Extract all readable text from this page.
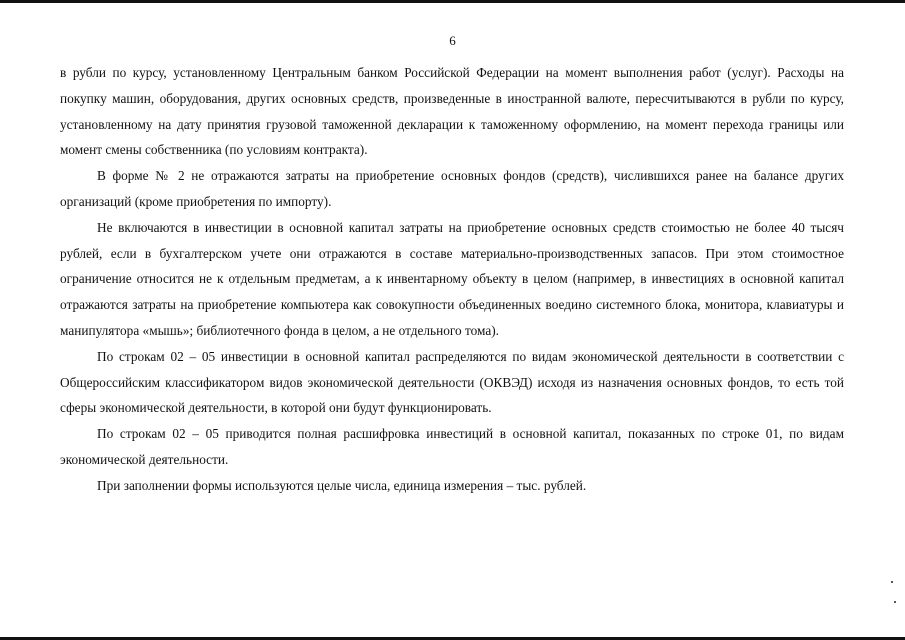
6

в рубли по курсу, установленному Центральным банком Российской Федерации на момент выполнения работ (услуг). Расходы на покупку машин, оборудования, других основных средств, произведенные в иностранной валюте, пересчитываются в рубли по курсу, установленному на дату принятия грузовой таможенной декларации к таможенному оформлению, на момент перехода границы или момент смены собственника (по условиям контракта).

В форме № 2 не отражаются затраты на приобретение основных фондов (средств), числившихся ранее на балансе других организаций (кроме приобретения по импорту).

Не включаются в инвестиции в основной капитал затраты на приобретение основных средств стоимостью не более 40 тысяч рублей, если в бухгалтерском учете они отражаются в составе материально-производственных запасов. При этом стоимостное ограничение относится не к отдельным предметам, а к инвентарному объекту в целом (например, в инвестициях в основной капитал отражаются затраты на приобретение компьютера как совокупности объединенных воедино системного блока, монитора, клавиатуры и манипулятора «мышь»; библиотечного фонда в целом, а не отдельного тома).

По строкам 02 – 05 инвестиции в основной капитал распределяются по видам экономической деятельности в соответствии с Общероссийским классификатором видов экономической деятельности (ОКВЭД) исходя из назначения основных фондов, то есть той сферы экономической деятельности, в которой они будут функционировать.

По строкам 02 – 05 приводится полная расшифровка инвестиций в основной капитал, показанных по строке 01, по видам экономической деятельности.

При заполнении формы используются целые числа, единица измерения – тыс. рублей.
